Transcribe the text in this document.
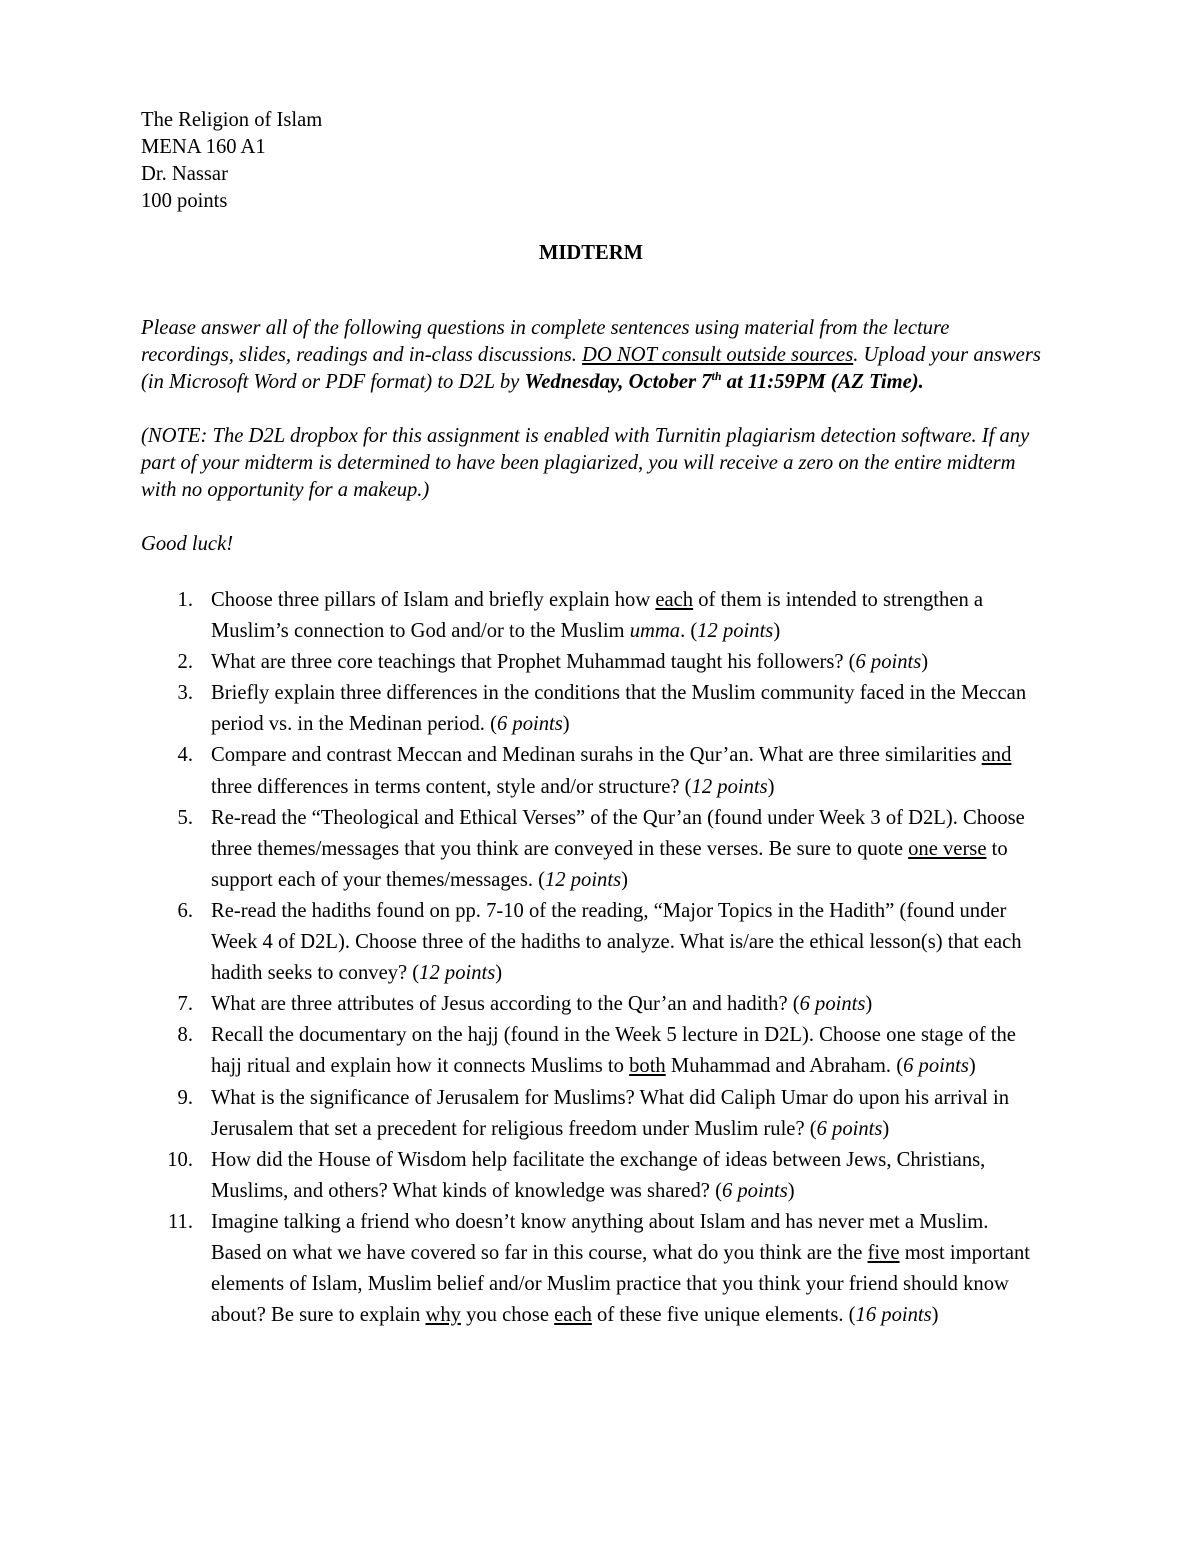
The Religion of Islam
MENA 160 A1
Dr. Nassar
100 points
MIDTERM
Please answer all of the following questions in complete sentences using material from the lecture recordings, slides, readings and in-class discussions. DO NOT consult outside sources. Upload your answers (in Microsoft Word or PDF format) to D2L by Wednesday, October 7th at 11:59PM (AZ Time).
(NOTE: The D2L dropbox for this assignment is enabled with Turnitin plagiarism detection software. If any part of your midterm is determined to have been plagiarized, you will receive a zero on the entire midterm with no opportunity for a makeup.)
Good luck!
1. Choose three pillars of Islam and briefly explain how each of them is intended to strengthen a Muslim’s connection to God and/or to the Muslim umma. (12 points)
2. What are three core teachings that Prophet Muhammad taught his followers? (6 points)
3. Briefly explain three differences in the conditions that the Muslim community faced in the Meccan period vs. in the Medinan period. (6 points)
4. Compare and contrast Meccan and Medinan surahs in the Qur’an. What are three similarities and three differences in terms content, style and/or structure? (12 points)
5. Re-read the “Theological and Ethical Verses” of the Qur’an (found under Week 3 of D2L). Choose three themes/messages that you think are conveyed in these verses. Be sure to quote one verse to support each of your themes/messages. (12 points)
6. Re-read the hadiths found on pp. 7-10 of the reading, “Major Topics in the Hadith” (found under Week 4 of D2L). Choose three of the hadiths to analyze. What is/are the ethical lesson(s) that each hadith seeks to convey? (12 points)
7. What are three attributes of Jesus according to the Qur’an and hadith? (6 points)
8. Recall the documentary on the hajj (found in the Week 5 lecture in D2L). Choose one stage of the hajj ritual and explain how it connects Muslims to both Muhammad and Abraham. (6 points)
9. What is the significance of Jerusalem for Muslims? What did Caliph Umar do upon his arrival in Jerusalem that set a precedent for religious freedom under Muslim rule? (6 points)
10. How did the House of Wisdom help facilitate the exchange of ideas between Jews, Christians, Muslims, and others? What kinds of knowledge was shared? (6 points)
11. Imagine talking a friend who doesn’t know anything about Islam and has never met a Muslim. Based on what we have covered so far in this course, what do you think are the five most important elements of Islam, Muslim belief and/or Muslim practice that you think your friend should know about? Be sure to explain why you chose each of these five unique elements. (16 points)
